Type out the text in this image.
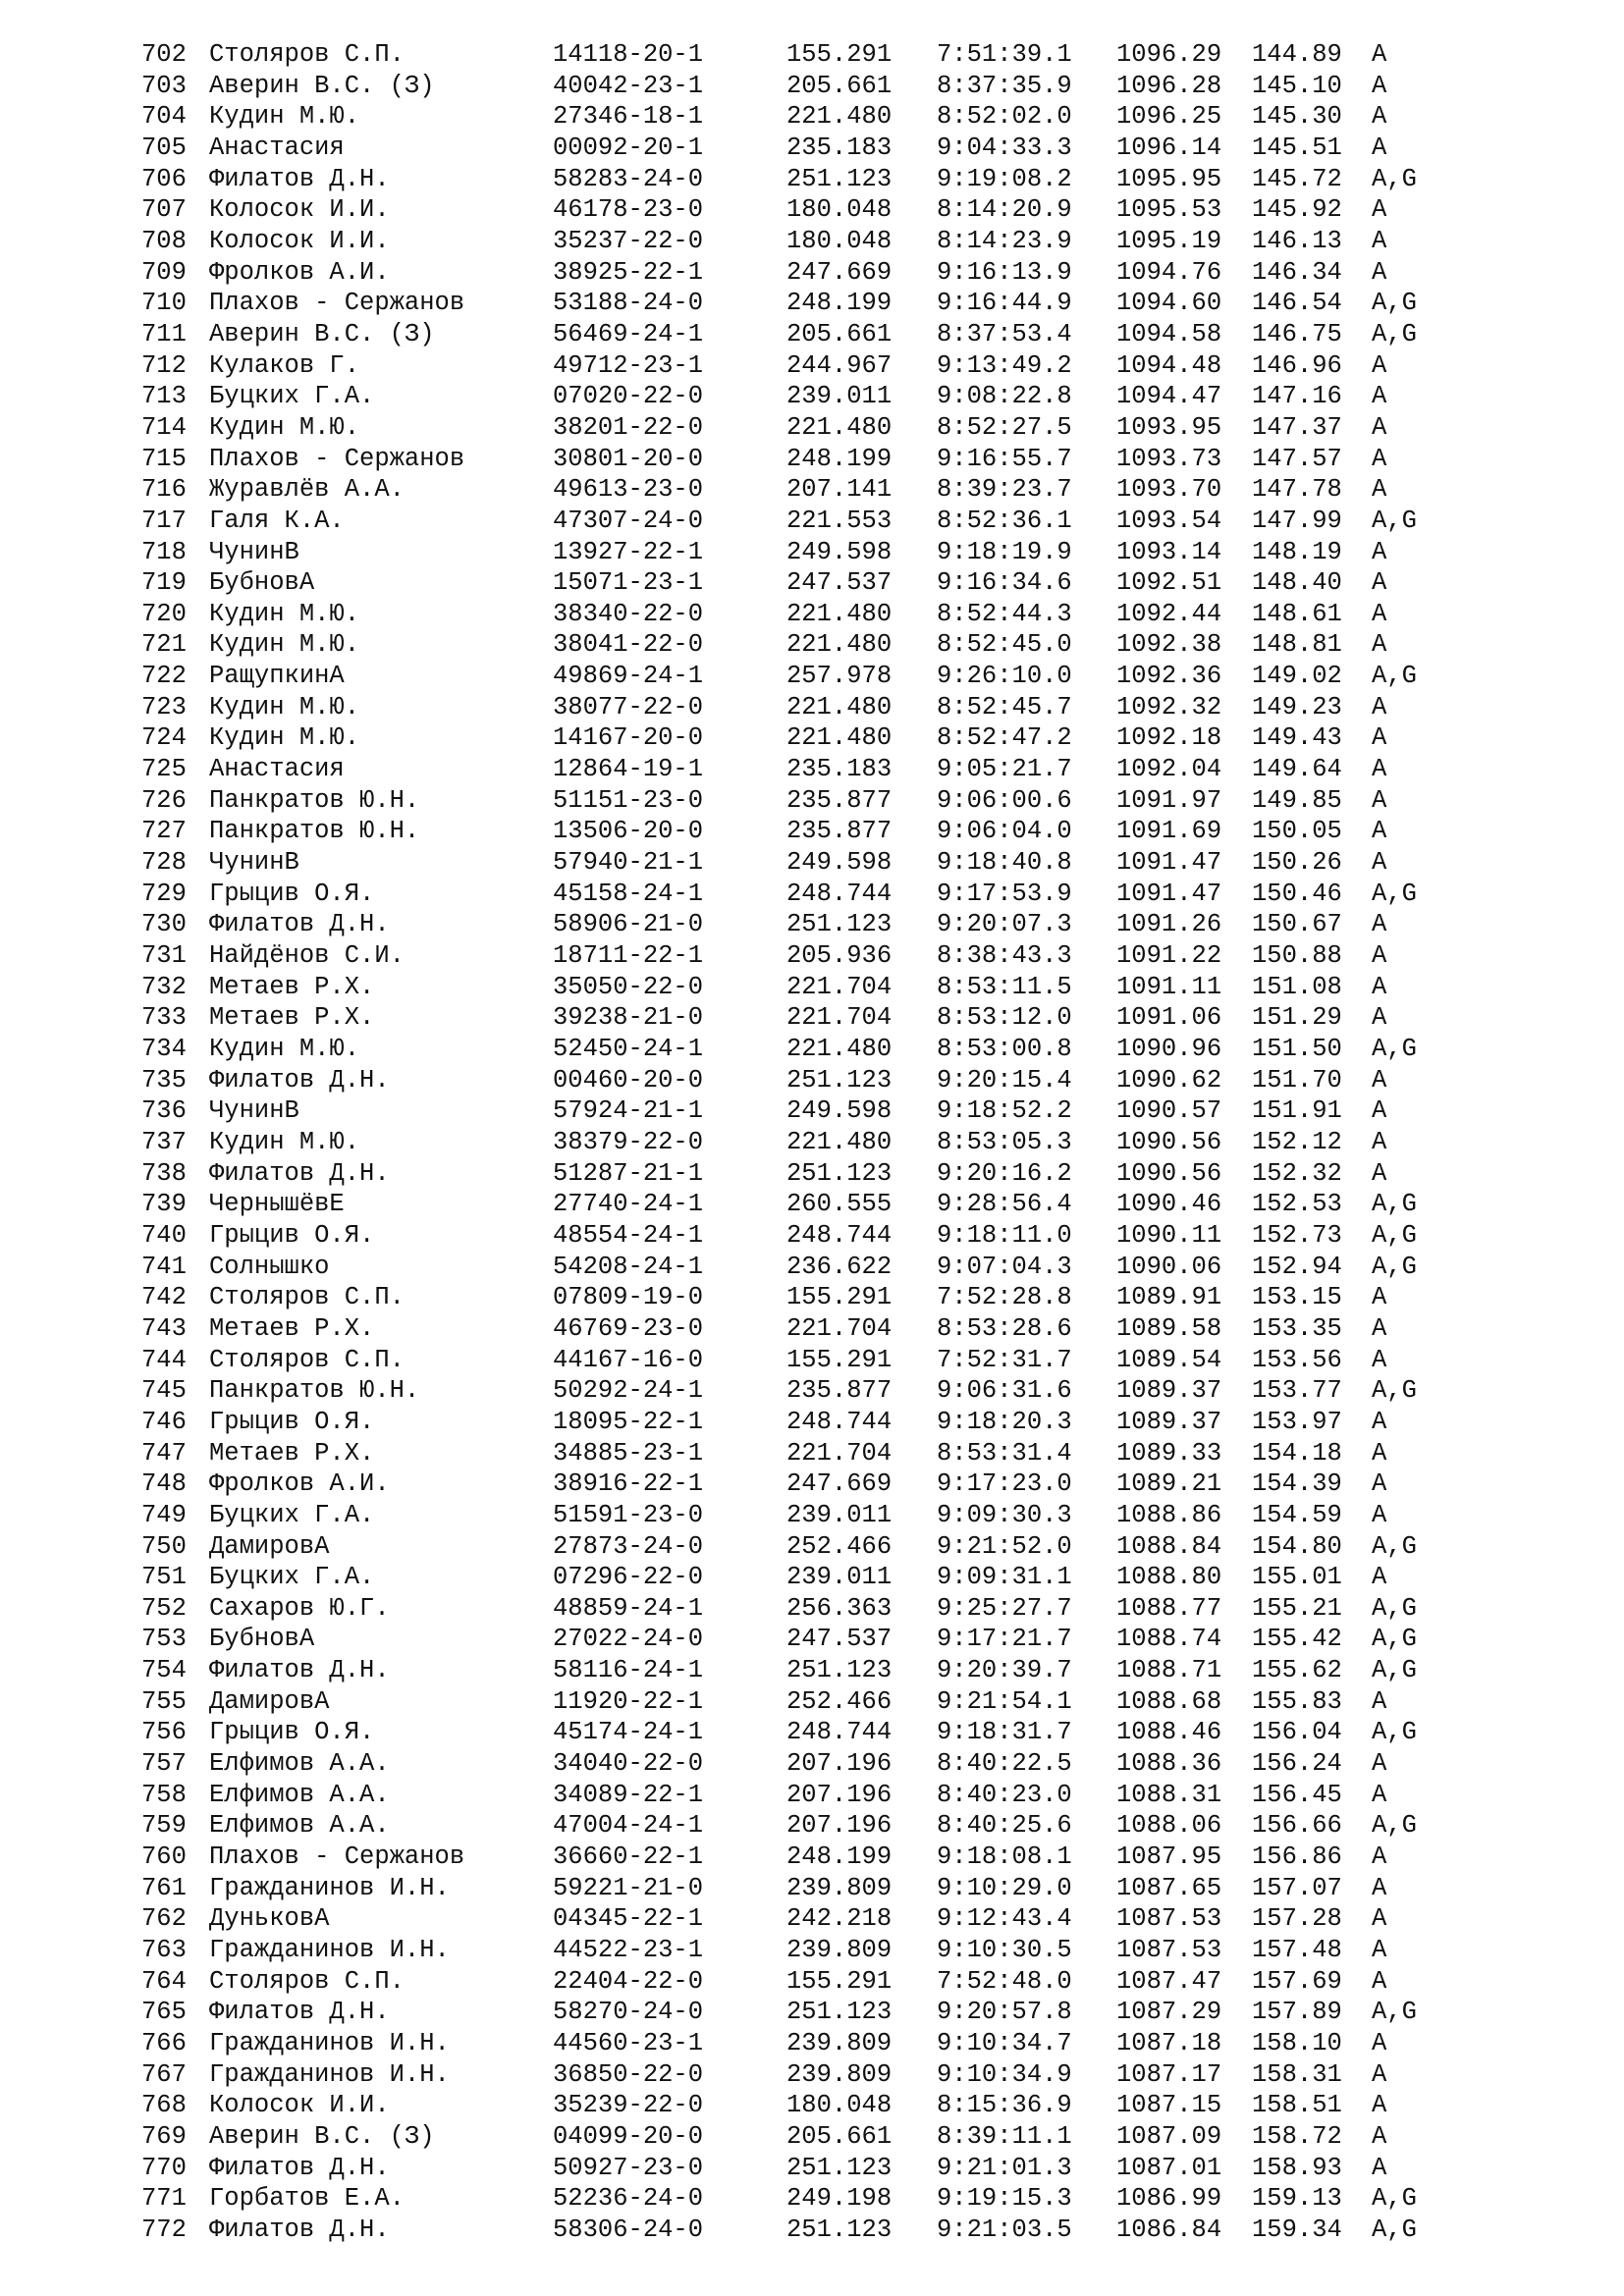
702 Столяров С.П.	14118-20-1	155.291 7:51:39.1 1096.29 144.89 A
703 Аверин В.С. (З)	40042-23-1	205.661 8:37:35.9 1096.28 145.10 A
704 Кудин М.Ю.	27346-18-1	221.480 8:52:02.0 1096.25 145.30 A
705 Анастасия	00092-20-1	235.183 9:04:33.3 1096.14 145.51 A
706 Филатов Д.Н.	58283-24-0	251.123 9:19:08.2 1095.95 145.72 A,G
707 Колосок И.И.	46178-23-0	180.048 8:14:20.9 1095.53 145.92 A
708 Колосок И.И.	35237-22-0	180.048 8:14:23.9 1095.19 146.13 A
709 Фролков А.И.	38925-22-1	247.669 9:16:13.9 1094.76 146.34 A
710 Плахов - Сержанов	53188-24-0	248.199 9:16:44.9 1094.60 146.54 A,G
711 Аверин В.С. (З)	56469-24-1	205.661 8:37:53.4 1094.58 146.75 A,G
712 Кулаков Г.	49712-23-1	244.967 9:13:49.2 1094.48 146.96 A
713 Буцких Г.А.	07020-22-0	239.011 9:08:22.8 1094.47 147.16 A
714 Кудин М.Ю.	38201-22-0	221.480 8:52:27.5 1093.95 147.37 A
715 Плахов - Сержанов	30801-20-0	248.199 9:16:55.7 1093.73 147.57 A
716 Журавлёв А.А.	49613-23-0	207.141 8:39:23.7 1093.70 147.78 A
717 Галя К.А.	47307-24-0	221.553 8:52:36.1 1093.54 147.99 A,G
718 ЧунинВ	13927-22-1	249.598 9:18:19.9 1093.14 148.19 A
719 БубновА	15071-23-1	247.537 9:16:34.6 1092.51 148.40 A
720 Кудин М.Ю.	38340-22-0	221.480 8:52:44.3 1092.44 148.61 A
721 Кудин М.Ю.	38041-22-0	221.480 8:52:45.0 1092.38 148.81 A
722 РащупкинА	49869-24-1	257.978 9:26:10.0 1092.36 149.02 A,G
723 Кудин М.Ю.	38077-22-0	221.480 8:52:45.7 1092.32 149.23 A
724 Кудин М.Ю.	14167-20-0	221.480 8:52:47.2 1092.18 149.43 A
725 Анастасия	12864-19-1	235.183 9:05:21.7 1092.04 149.64 A
726 Панкратов Ю.Н.	51151-23-0	235.877 9:06:00.6 1091.97 149.85 A
727 Панкратов Ю.Н.	13506-20-0	235.877 9:06:04.0 1091.69 150.05 A
728 ЧунинВ	57940-21-1	249.598 9:18:40.8 1091.47 150.26 A
729 Грыцив О.Я.	45158-24-1	248.744 9:17:53.9 1091.47 150.46 A,G
730 Филатов Д.Н.	58906-21-0	251.123 9:20:07.3 1091.26 150.67 A
731 Найдёнов С.И.	18711-22-1	205.936 8:38:43.3 1091.22 150.88 A
732 Метаев Р.Х.	35050-22-0	221.704 8:53:11.5 1091.11 151.08 A
733 Метаев Р.Х.	39238-21-0	221.704 8:53:12.0 1091.06 151.29 A
734 Кудин М.Ю.	52450-24-1	221.480 8:53:00.8 1090.96 151.50 A,G
735 Филатов Д.Н.	00460-20-0	251.123 9:20:15.4 1090.62 151.70 A
736 ЧунинВ	57924-21-1	249.598 9:18:52.2 1090.57 151.91 A
737 Кудин М.Ю.	38379-22-0	221.480 8:53:05.3 1090.56 152.12 A
738 Филатов Д.Н.	51287-21-1	251.123 9:20:16.2 1090.56 152.32 A
739 ЧернышёвЕ	27740-24-1	260.555 9:28:56.4 1090.46 152.53 A,G
740 Грыцив О.Я.	48554-24-1	248.744 9:18:11.0 1090.11 152.73 A,G
741 Солнышко	54208-24-1	236.622 9:07:04.3 1090.06 152.94 A,G
742 Столяров С.П.	07809-19-0	155.291 7:52:28.8 1089.91 153.15 A
743 Метаев Р.Х.	46769-23-0	221.704 8:53:28.6 1089.58 153.35 A
744 Столяров С.П.	44167-16-0	155.291 7:52:31.7 1089.54 153.56 A
745 Панкратов Ю.Н.	50292-24-1	235.877 9:06:31.6 1089.37 153.77 A,G
746 Грыцив О.Я.	18095-22-1	248.744 9:18:20.3 1089.37 153.97 A
747 Метаев Р.Х.	34885-23-1	221.704 8:53:31.4 1089.33 154.18 A
748 Фролков А.И.	38916-22-1	247.669 9:17:23.0 1089.21 154.39 A
749 Буцких Г.А.	51591-23-0	239.011 9:09:30.3 1088.86 154.59 A
750 ДамировА	27873-24-0	252.466 9:21:52.0 1088.84 154.80 A,G
751 Буцких Г.А.	07296-22-0	239.011 9:09:31.1 1088.80 155.01 A
752 Сахаров Ю.Г.	48859-24-1	256.363 9:25:27.7 1088.77 155.21 A,G
753 БубновА	27022-24-0	247.537 9:17:21.7 1088.74 155.42 A,G
754 Филатов Д.Н.	58116-24-1	251.123 9:20:39.7 1088.71 155.62 A,G
755 ДамировА	11920-22-1	252.466 9:21:54.1 1088.68 155.83 A
756 Грыцив О.Я.	45174-24-1	248.744 9:18:31.7 1088.46 156.04 A,G
757 Елфимов А.А.	34040-22-0	207.196 8:40:22.5 1088.36 156.24 A
758 Елфимов А.А.	34089-22-1	207.196 8:40:23.0 1088.31 156.45 A
759 Елфимов А.А.	47004-24-1	207.196 8:40:25.6 1088.06 156.66 A,G
760 Плахов - Сержанов	36660-22-1	248.199 9:18:08.1 1087.95 156.86 A
761 Гражданинов И.Н.	59221-21-0	239.809 9:10:29.0 1087.65 157.07 A
762 ДуньковА	04345-22-1	242.218 9:12:43.4 1087.53 157.28 A
763 Гражданинов И.Н.	44522-23-1	239.809 9:10:30.5 1087.53 157.48 A
764 Столяров С.П.	22404-22-0	155.291 7:52:48.0 1087.47 157.69 A
765 Филатов Д.Н.	58270-24-0	251.123 9:20:57.8 1087.29 157.89 A,G
766 Гражданинов И.Н.	44560-23-1	239.809 9:10:34.7 1087.18 158.10 A
767 Гражданинов И.Н.	36850-22-0	239.809 9:10:34.9 1087.17 158.31 A
768 Колосок И.И.	35239-22-0	180.048 8:15:36.9 1087.15 158.51 A
769 Аверин В.С. (З)	04099-20-0	205.661 8:39:11.1 1087.09 158.72 A
770 Филатов Д.Н.	50927-23-0	251.123 9:21:01.3 1087.01 158.93 A
771 Горбатов Е.А.	52236-24-0	249.198 9:19:15.3 1086.99 159.13 A,G
772 Филатов Д.Н.	58306-24-0	251.123 9:21:03.5 1086.84 159.34 A,G
